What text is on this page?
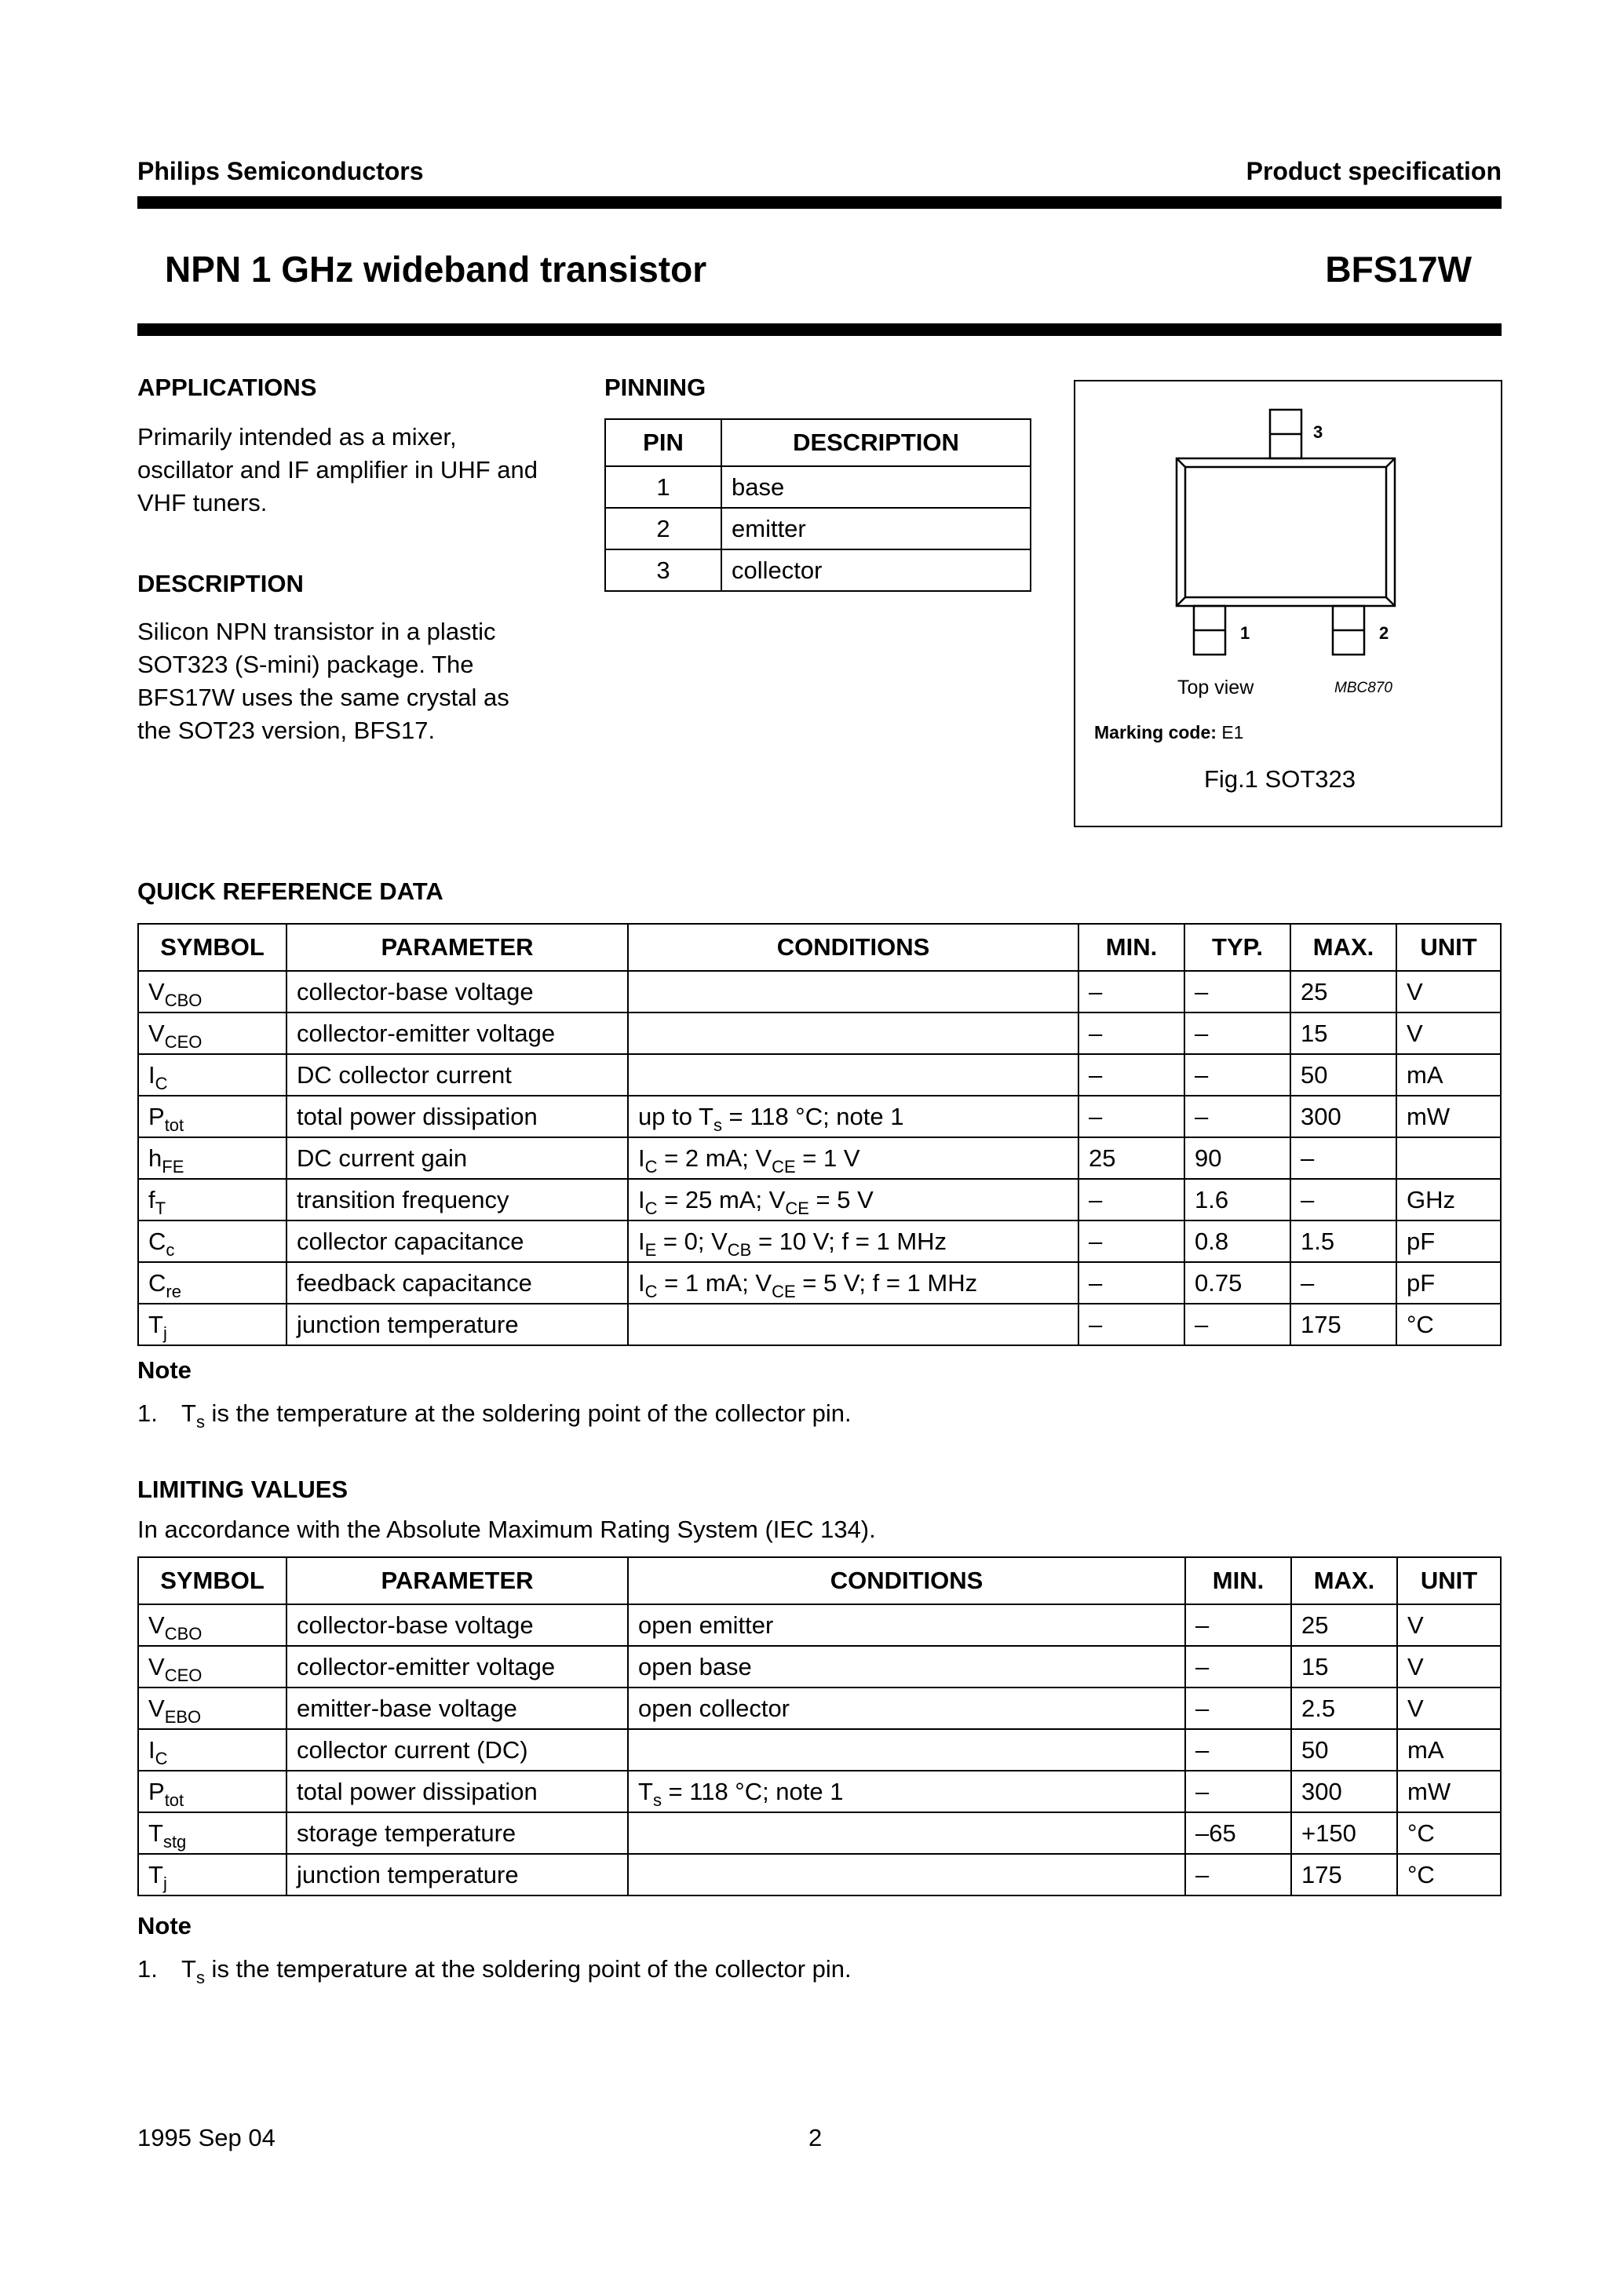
Philips Semiconductors	Product specification
NPN 1 GHz wideband transistor	BFS17W
APPLICATIONS
Primarily intended as a mixer,
oscillator and IF amplifier in UHF and
VHF tuners.
DESCRIPTION
Silicon NPN transistor in a plastic
SOT323 (S-mini) package. The
BFS17W uses the same crystal as
the SOT23 version, BFS17.
PINNING
PIN	DESCRIPTION
1	base
2	emitter
3	collector
3
1	2
Top view	MBC870
Marking code: E1
Fig.1 SOT323
QUICK REFERENCE DATA
SYMBOL	PARAMETER	CONDITIONS	MIN.	TYP.	MAX.	UNIT
$V_{CBO}$	collector-base voltage		–	–	25	V
$V_{CEO}$	collector-emitter voltage		–	–	15	V
$I_C$	DC collector current		–	–	50	mA
$P_{tot}$	total power dissipation	up to $T_s = 118$ °C; note 1	–	–	300	mW
$h_{FE}$	DC current gain	$I_C = 2$ mA; $V_{CE} = 1$ V	25	90	–	
$f_T$	transition frequency	$I_C = 25$ mA; $V_{CE} = 5$ V	–	1.6	–	GHz
$C_c$	collector capacitance	$I_E = 0$; $V_{CB} = 10$ V; f = 1 MHz	–	0.8	1.5	pF
$C_{re}$	feedback capacitance	$I_C = 1$ mA; $V_{CE} = 5$ V; f = 1 MHz	–	0.75	–	pF
$T_j$	junction temperature		–	–	175	°C
Note
1. $T_s$ is the temperature at the soldering point of the collector pin.
LIMITING VALUES
In accordance with the Absolute Maximum Rating System (IEC 134).
SYMBOL	PARAMETER	CONDITIONS	MIN.	MAX.	UNIT
$V_{CBO}$	collector-base voltage	open emitter	–	25	V
$V_{CEO}$	collector-emitter voltage	open base	–	15	V
$V_{EBO}$	emitter-base voltage	open collector	–	2.5	V
$I_C$	collector current (DC)		–	50	mA
$P_{tot}$	total power dissipation	$T_s = 118$ °C; note 1	–	300	mW
$T_{stg}$	storage temperature		–65	+150	°C
$T_j$	junction temperature		–	175	°C
Note
1. $T_s$ is the temperature at the soldering point of the collector pin.
1995 Sep 04	2
